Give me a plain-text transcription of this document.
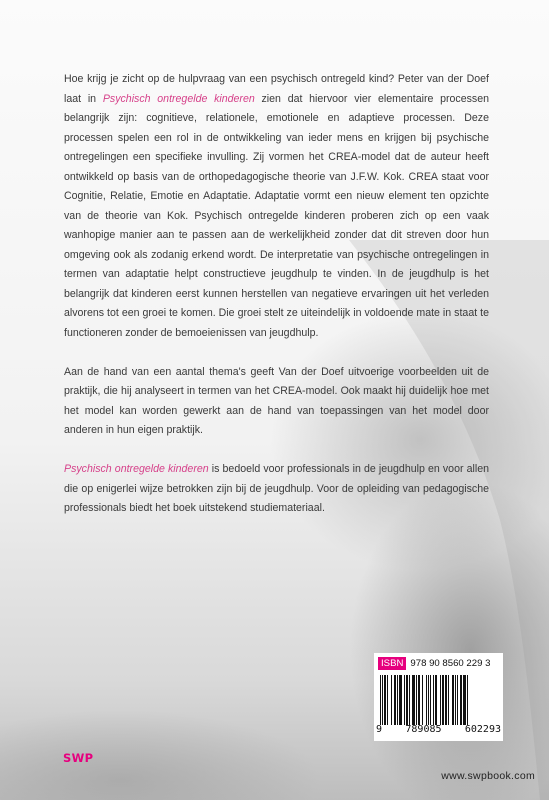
Hoe krijg je zicht op de hulpvraag van een psychisch ontregeld kind? Peter van der Doef laat in Psychisch ontregelde kinderen zien dat hiervoor vier elementaire processen belangrijk zijn: cognitieve, relationele, emotionele en adaptieve processen. Deze processen spelen een rol in de ontwikkeling van ieder mens en krijgen bij psychische ontregelingen een specifieke invulling. Zij vormen het CREA-model dat de auteur heeft ontwikkeld op basis van de orthopedagogische theorie van J.F.W. Kok. CREA staat voor Cognitie, Relatie, Emotie en Adaptatie. Adaptatie vormt een nieuw element ten opzichte van de theorie van Kok. Psychisch ontregelde kinderen proberen zich op een vaak wanhopige manier aan te passen aan de werkelijkheid zonder dat dit streven door hun omgeving ook als zodanig erkend wordt. De interpretatie van psychische ontregelingen in termen van adaptatie helpt constructieve jeugdhulp te vinden. In de jeugdhulp is het belangrijk dat kinderen eerst kunnen herstellen van negatieve ervaringen uit het verleden alvorens tot een groei te komen. Die groei stelt ze uiteindelijk in voldoende mate in staat te functioneren zonder de bemoeienissen van jeugdhulp.

Aan de hand van een aantal thema's geeft Van der Doef uitvoerige voorbeelden uit de praktijk, die hij analyseert in termen van het CREA-model. Ook maakt hij duidelijk hoe met het model kan worden gewerkt aan de hand van toepassingen van het model door anderen in hun eigen praktijk.

Psychisch ontregelde kinderen is bedoeld voor professionals in de jeugdhulp en voor allen die op enigerlei wijze betrokken zijn bij de jeugdhulp. Voor de opleiding van pedagogische professionals biedt het boek uitstekend studiemateriaal.

ISBN 978 90 8560 229 3
9 789085 602293
SWP
www.swpbook.com
